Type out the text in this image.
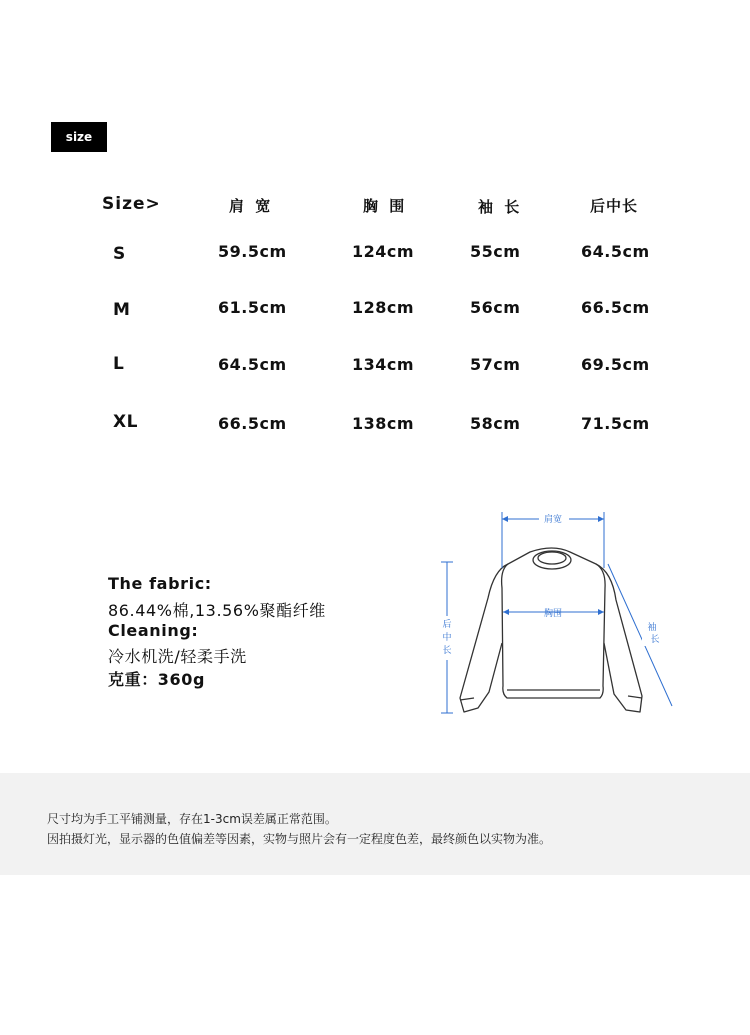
size
Size>	肩 宽	胸 围	袖 长	后中长
S	59.5cm	124cm	55cm	64.5cm
M	61.5cm	128cm	56cm	66.5cm
L	64.5cm	134cm	57cm	69.5cm
XL	66.5cm	138cm	58cm	71.5cm
The fabric:
86.44%棉,13.56%聚酯纤维
Cleaning:
冷水机洗/轻柔手洗
克重：360g
肩宽
胸围
后
中
长
袖
长
尺寸均为手工平铺测量，存在1-3cm误差属正常范围。
因拍摄灯光，显示器的色值偏差等因素，实物与照片会有一定程度色差，最终颜色以实物为准。
